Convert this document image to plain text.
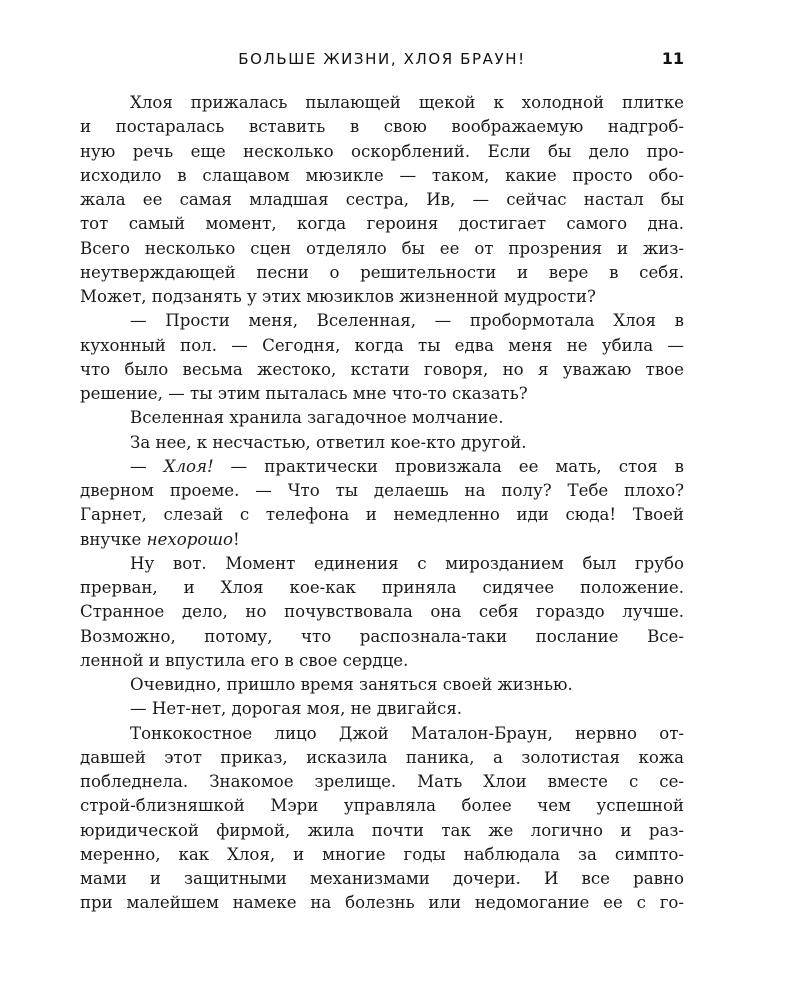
БОЛЬШЕ ЖИЗНИ, ХЛОЯ БРАУН!	11
Хлоя прижалась пылающей щекой к холодной плитке
и постаралась вставить в свою воображаемую надгроб-
ную речь еще несколько оскорблений. Если бы дело про-
исходило в слащавом мюзикле — таком, какие просто обо-
жала ее самая младшая сестра, Ив, — сейчас настал бы
тот самый момент, когда героиня достигает самого дна.
Всего несколько сцен отделяло бы ее от прозрения и жиз-
неутверждающей песни о решительности и вере в себя.
Может, подзанять у этих мюзиклов жизненной мудрости?
— Прости меня, Вселенная, — пробормотала Хлоя в
кухонный пол. — Сегодня, когда ты едва меня не убила —
что было весьма жестоко, кстати говоря, но я уважаю твое
решение, — ты этим пыталась мне что-то сказать?
Вселенная хранила загадочное молчание.
За нее, к несчастью, ответил кое-кто другой.
— Хлоя! — практически провизжала ее мать, стоя в
дверном проеме. — Что ты делаешь на полу? Тебе плохо?
Гарнет, слезай с телефона и немедленно иди сюда! Твоей
внучке нехорошо!
Ну вот. Момент единения с мирозданием был грубо
прерван, и Хлоя кое-как приняла сидячее положение.
Странное дело, но почувствовала она себя гораздо лучше.
Возможно, потому, что распознала-таки послание Все-
ленной и впустила его в свое сердце.
Очевидно, пришло время заняться своей жизнью.
— Нет-нет, дорогая моя, не двигайся.
Тонкокостное лицо Джой Маталон-Браун, нервно от-
давшей этот приказ, исказила паника, а золотистая кожа
побледнела. Знакомое зрелище. Мать Хлои вместе с се-
строй-близняшкой Мэри управляла более чем успешной
юридической фирмой, жила почти так же логично и раз-
меренно, как Хлоя, и многие годы наблюдала за симпто-
мами и защитными механизмами дочери. И все равно
при малейшем намеке на болезнь или недомогание ее с го-
